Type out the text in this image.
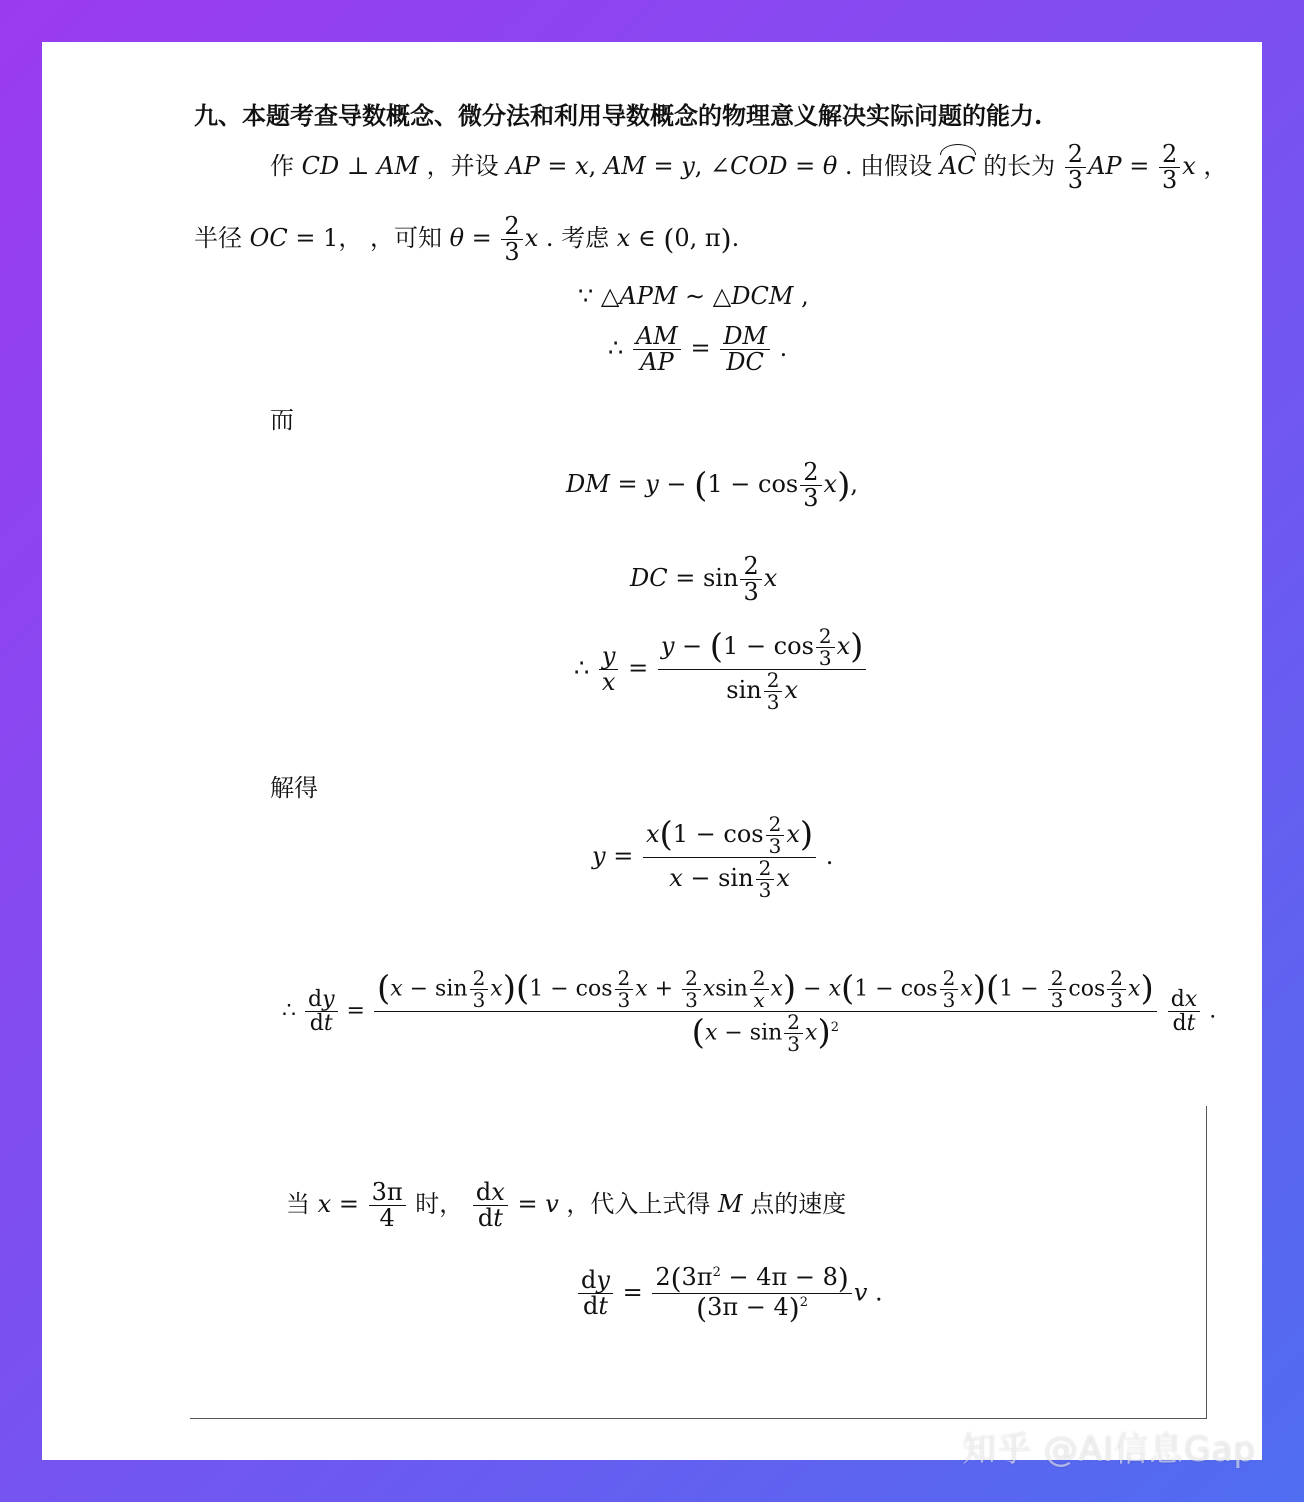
九、本题考查导数概念、微分法和利用导数概念的物理意义解决实际问题的能力.
作 CD ⊥ AM ，并设 AP = x, AM = y, ∠COD = θ . 由假设 AC 的长为 $\frac{2}{3}$ AP = $\frac{2}{3}$ x ，
半径 OC = 1， ，可知 $\theta = \frac{2}{3}$ x . 考虑 x ∈ (0, π).
∵ △APM ∼ △DCM ,
∴ $\frac{AM}{AP} = \frac{DM}{DC}$ .
而
DM = $y - (1 - \cos \frac{2}{3} x)$,
DC = $\sin \frac{2}{3}$ x
∴ $\frac{y}{x} = \frac{y - (1 - \cos \frac{2}{3} x)}{\sin \frac{2}{3} x}$
解得
$y = \frac{x(1 - \cos \frac{2}{3} x)}{x - \sin \frac{2}{3} x}$ .
∴ $\frac{dy}{dt}$ =
$(x - \sin \frac{2}{3} x)(1 - \cos \frac{2}{3}$ $x + \frac{2}{3}$ xsin $\frac{2}{x} x) - x(1 - \cos \frac{2}{3} x)(1 - \frac{2}{3}$ $\cos \frac{2}{3} x$)
$(x - \sin \frac{2}{3} x)^2$
	$\frac{dx}{dt}$ .
当 $x = \frac{3\pi}{4}$ 时， $\frac{dx}{dt} = v$ ，代入上式得 M 点的速度
$\frac{dy}{dt} = \frac{2(3\pi^2 - 4\pi - 8)}{(3\pi - 4)^2}$ v .
知乎 @AI信息Gap
